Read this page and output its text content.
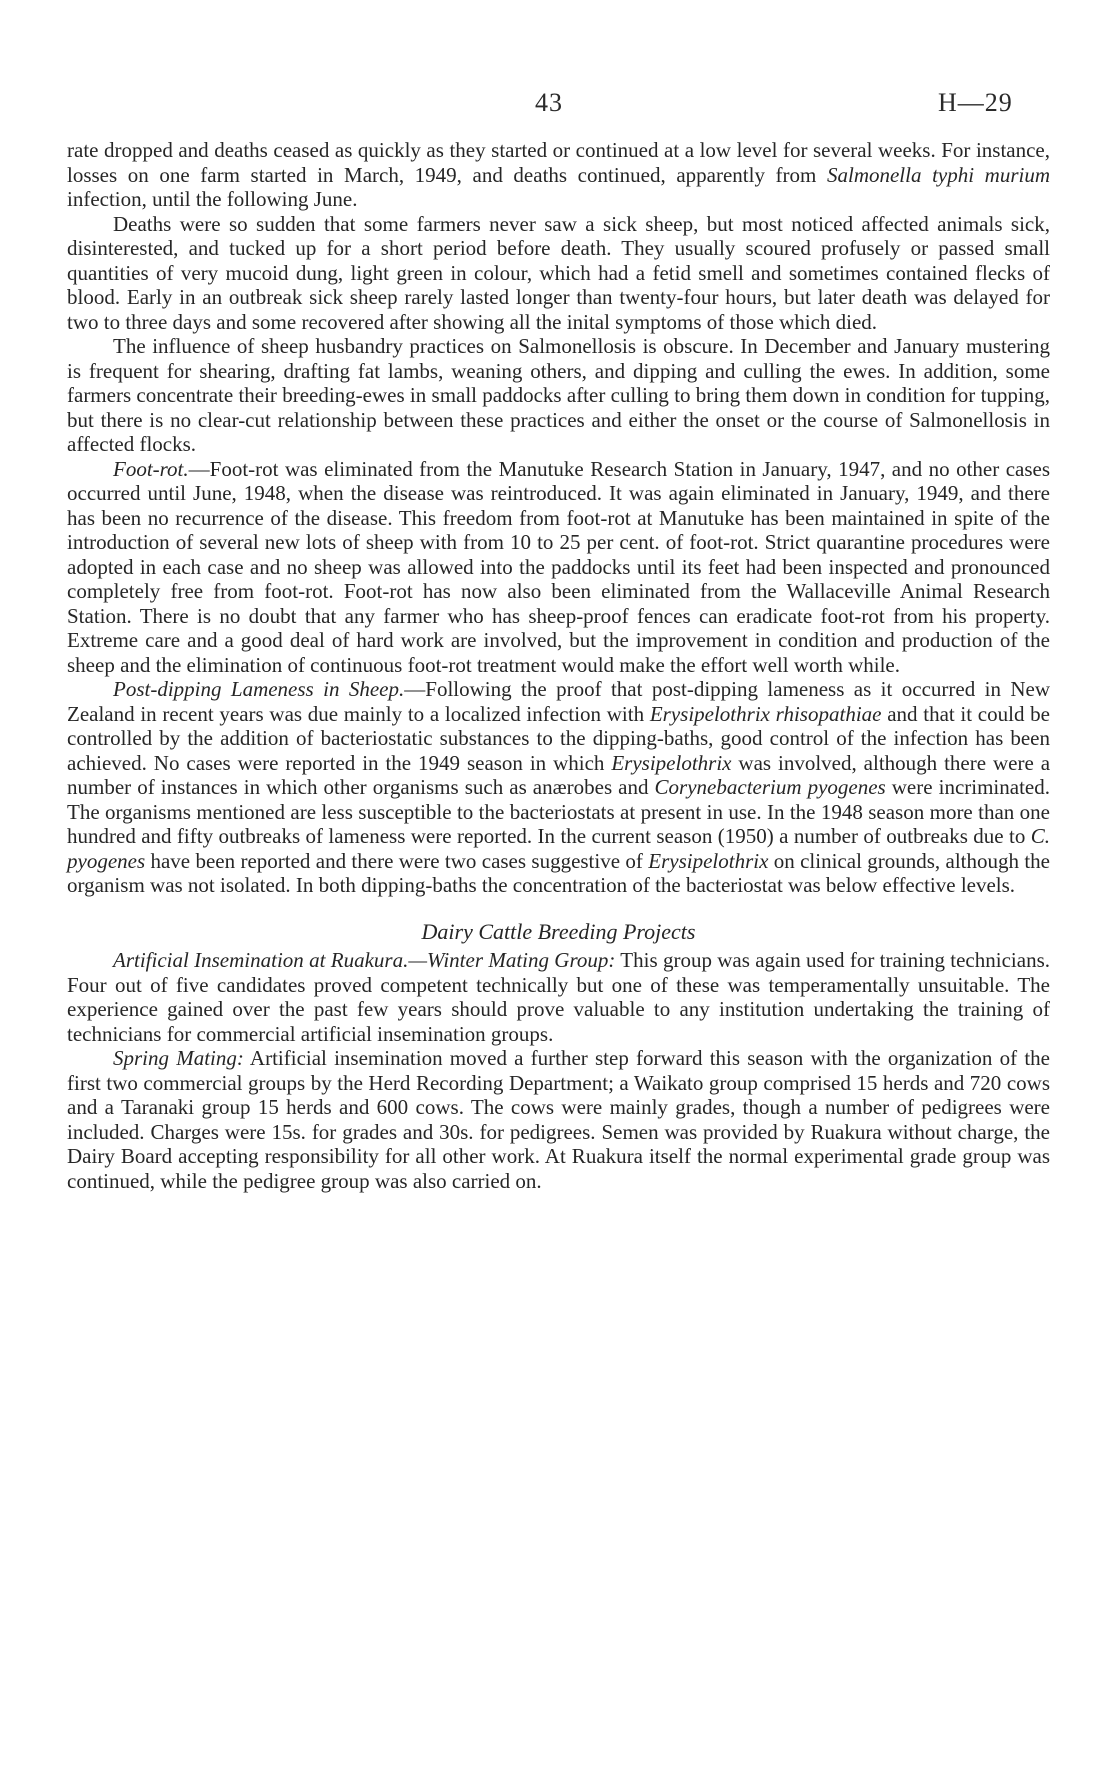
43	H—29

rate dropped and deaths ceased as quickly as they started or continued at a low level for several weeks. For instance, losses on one farm started in March, 1949, and deaths continued, apparently from Salmonella typhi murium infection, until the following June.

Deaths were so sudden that some farmers never saw a sick sheep, but most noticed affected animals sick, disinterested, and tucked up for a short period before death. They usually scoured profusely or passed small quantities of very mucoid dung, light green in colour, which had a fetid smell and sometimes contained flecks of blood. Early in an outbreak sick sheep rarely lasted longer than twenty-four hours, but later death was delayed for two to three days and some recovered after showing all the inital symptoms of those which died.

The influence of sheep husbandry practices on Salmonellosis is obscure. In December and January mustering is frequent for shearing, drafting fat lambs, weaning others, and dipping and culling the ewes. In addition, some farmers concentrate their breeding-ewes in small paddocks after culling to bring them down in condition for tupping, but there is no clear-cut relationship between these practices and either the onset or the course of Salmonellosis in affected flocks.

Foot-rot.—Foot-rot was eliminated from the Manutuke Research Station in January, 1947, and no other cases occurred until June, 1948, when the disease was reintroduced. It was again eliminated in January, 1949, and there has been no recurrence of the disease. This freedom from foot-rot at Manutuke has been maintained in spite of the introduction of several new lots of sheep with from 10 to 25 per cent. of foot-rot. Strict quarantine procedures were adopted in each case and no sheep was allowed into the paddocks until its feet had been inspected and pronounced completely free from foot-rot. Foot-rot has now also been eliminated from the Wallaceville Animal Research Station. There is no doubt that any farmer who has sheep-proof fences can eradicate foot-rot from his property. Extreme care and a good deal of hard work are involved, but the improvement in condition and production of the sheep and the elimination of continuous foot-rot treatment would make the effort well worth while.

Post-dipping Lameness in Sheep.—Following the proof that post-dipping lameness as it occurred in New Zealand in recent years was due mainly to a localized infection with Erysipelothrix rhisopathiae and that it could be controlled by the addition of bacteriostatic substances to the dipping-baths, good control of the infection has been achieved. No cases were reported in the 1949 season in which Erysipelothrix was involved, although there were a number of instances in which other organisms such as anærobes and Corynebacterium pyogenes were incriminated. The organisms mentioned are less susceptible to the bacteriostats at present in use. In the 1948 season more than one hundred and fifty outbreaks of lameness were reported. In the current season (1950) a number of outbreaks due to C. pyogenes have been reported and there were two cases suggestive of Erysipelothrix on clinical grounds, although the organism was not isolated. In both dipping-baths the concentration of the bacteriostat was below effective levels.

Dairy Cattle Breeding Projects

Artificial Insemination at Ruakura.—Winter Mating Group: This group was again used for training technicians. Four out of five candidates proved competent technically but one of these was temperamentally unsuitable. The experience gained over the past few years should prove valuable to any institution undertaking the training of technicians for commercial artificial insemination groups.

Spring Mating: Artificial insemination moved a further step forward this season with the organization of the first two commercial groups by the Herd Recording Department; a Waikato group comprised 15 herds and 720 cows and a Taranaki group 15 herds and 600 cows. The cows were mainly grades, though a number of pedigrees were included. Charges were 15s. for grades and 30s. for pedigrees. Semen was provided by Ruakura without charge, the Dairy Board accepting responsibility for all other work. At Ruakura itself the normal experimental grade group was continued, while the pedigree group was also carried on.
